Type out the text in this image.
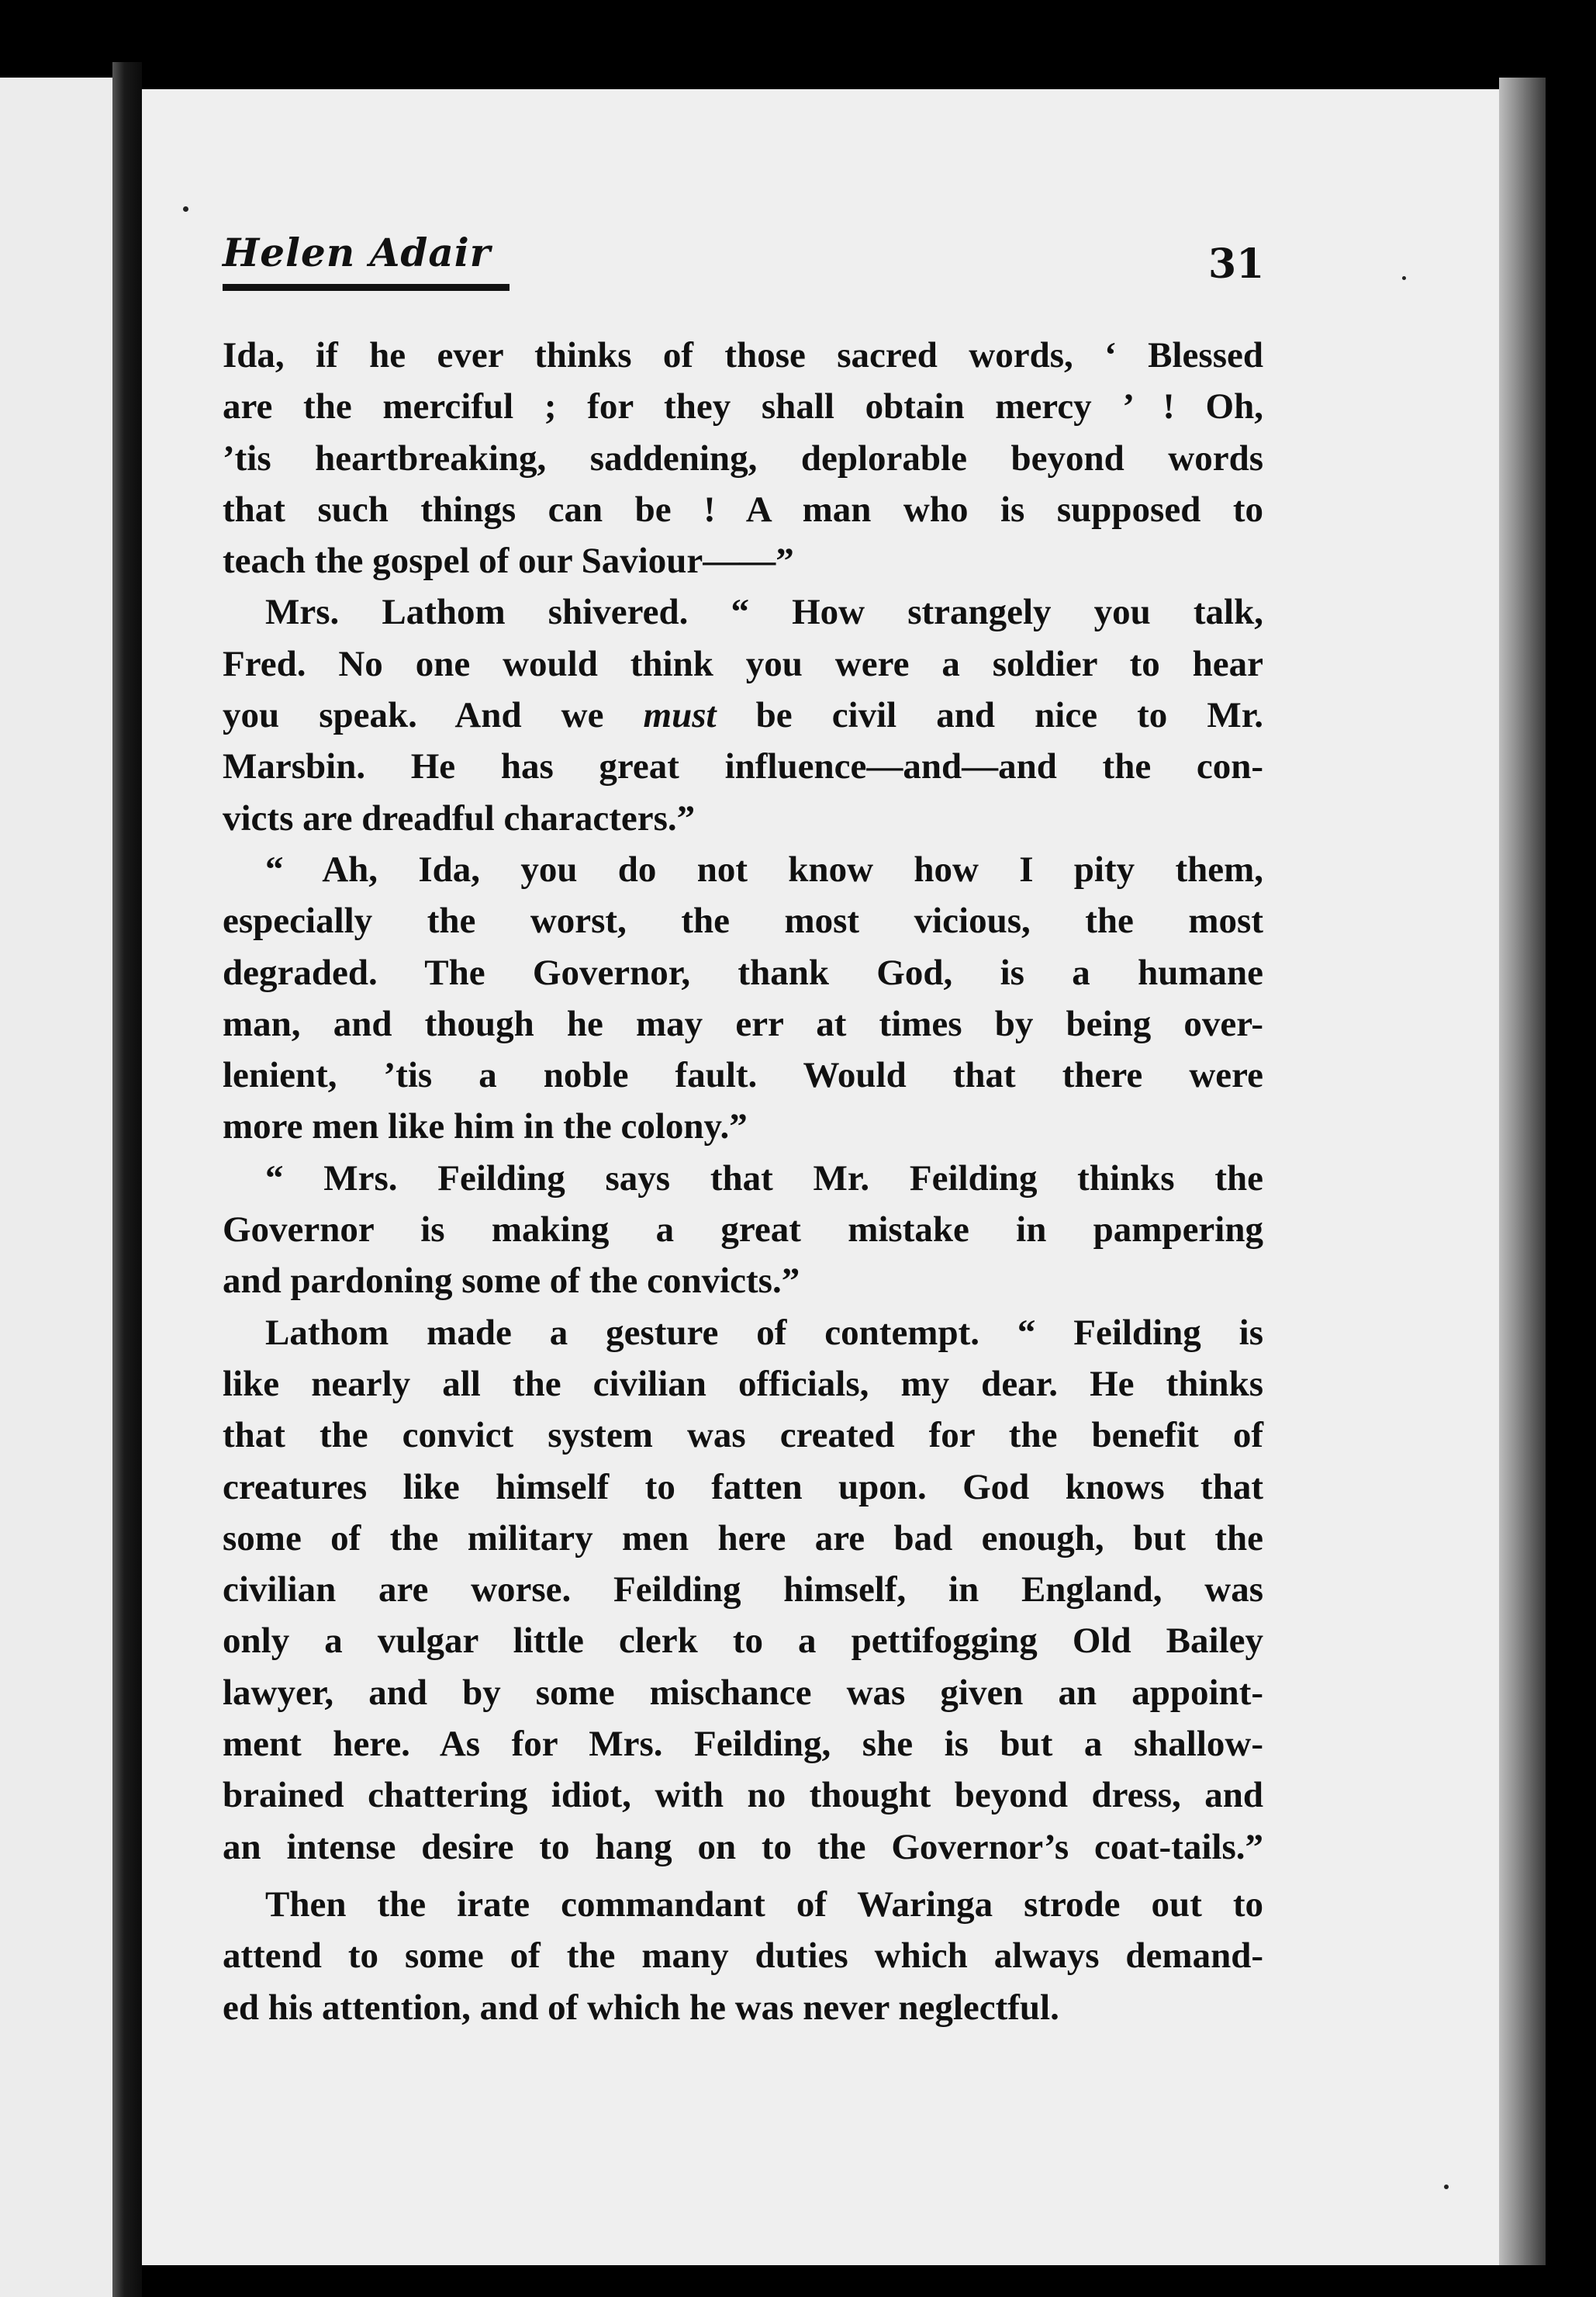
Helen Adair	31
Ida, if he ever thinks of those sacred words, ‘ Blessed
are the merciful ; for they shall obtain mercy ’ ! Oh,
’tis heartbreaking, saddening, deplorable beyond words
that such things can be ! A man who is supposed to
teach the gospel of our Saviour——”
Mrs. Lathom shivered. “ How strangely you talk,
Fred. No one would think you were a soldier to hear
you speak. And we must be civil and nice to Mr.
Marsbin. He has great influence—and—and the con-
victs are dreadful characters.”
“ Ah, Ida, you do not know how I pity them,
especially the worst, the most vicious, the most
degraded. The Governor, thank God, is a humane
man, and though he may err at times by being over-
lenient, ’tis a noble fault. Would that there were
more men like him in the colony.”
“ Mrs. Feilding says that Mr. Feilding thinks the
Governor is making a great mistake in pampering
and pardoning some of the convicts.”
Lathom made a gesture of contempt. “ Feilding is
like nearly all the civilian officials, my dear. He thinks
that the convict system was created for the benefit of
creatures like himself to fatten upon. God knows that
some of the military men here are bad enough, but the
civilian are worse. Feilding himself, in England, was
only a vulgar little clerk to a pettifogging Old Bailey
lawyer, and by some mischance was given an appoint-
ment here. As for Mrs. Feilding, she is but a shallow-
brained chattering idiot, with no thought beyond dress, and
an intense desire to hang on to the Governor’s coat-tails.”
Then the irate commandant of Waringa strode out to
attend to some of the many duties which always demand-
ed his attention, and of which he was never neglectful.
